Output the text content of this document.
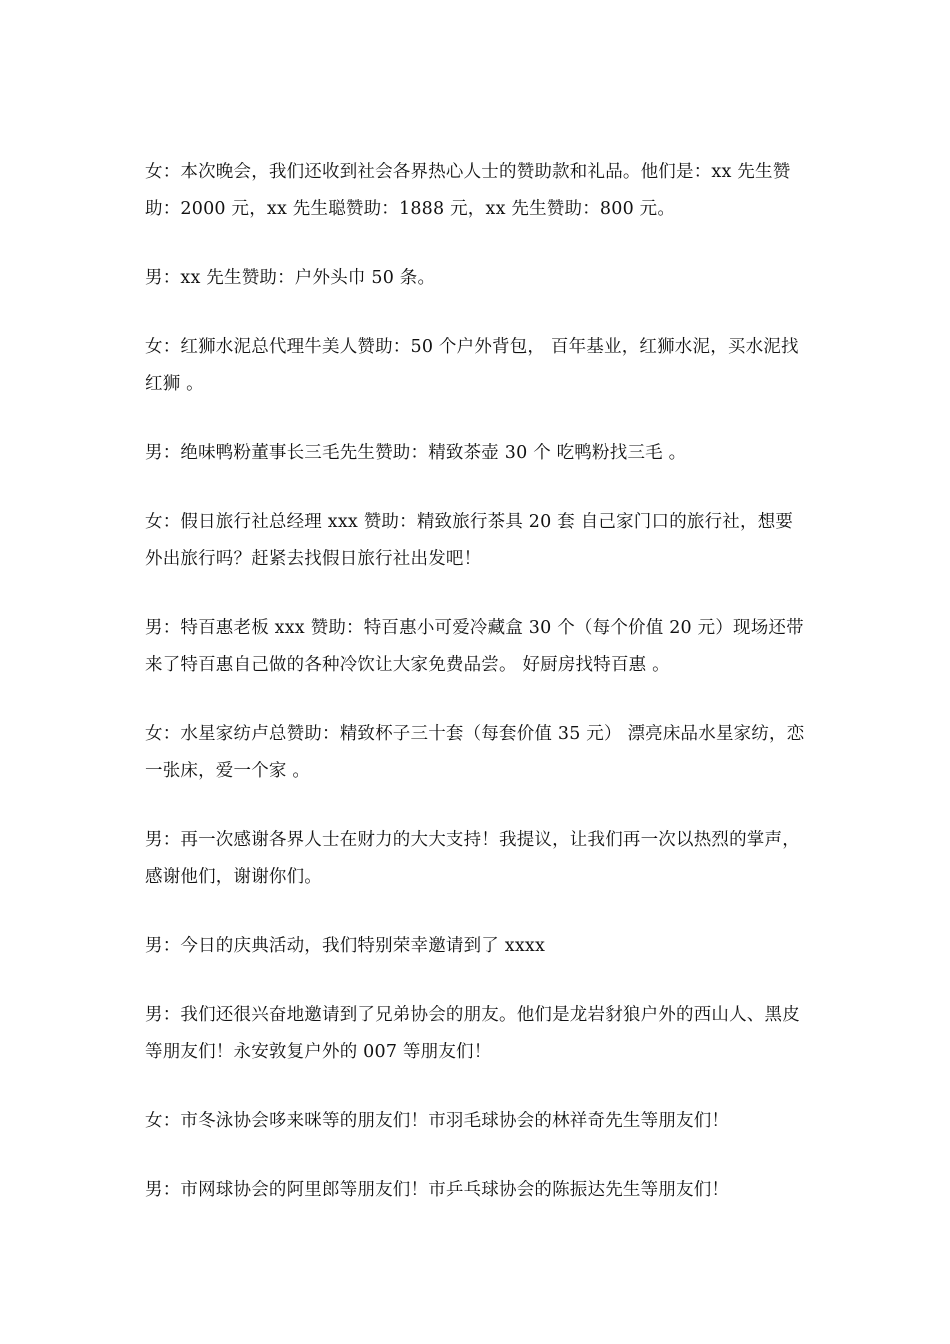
女：本次晚会，我们还收到社会各界热心人士的赞助款和礼品。他们是：xx 先生赞助：2000 元，xx 先生聪赞助：1888 元，xx 先生赞助：800 元。

男：xx 先生赞助：户外头巾 50 条。

女：红狮水泥总代理牛美人赞助：50 个户外背包， 百年基业，红狮水泥，买水泥找红狮 。

男：绝味鸭粉董事长三毛先生赞助：精致茶壶 30 个 吃鸭粉找三毛 。

女：假日旅行社总经理 xxx 赞助：精致旅行茶具 20 套 自己家门口的旅行社，想要外出旅行吗？赶紧去找假日旅行社出发吧！

男：特百惠老板 xxx 赞助：特百惠小可爱冷藏盒 30 个（每个价值 20 元）现场还带来了特百惠自己做的各种冷饮让大家免费品尝。 好厨房找特百惠 。

女：水星家纺卢总赞助：精致杯子三十套（每套价值 35 元） 漂亮床品水星家纺，恋一张床，爱一个家 。

男：再一次感谢各界人士在财力的大大支持！我提议，让我们再一次以热烈的掌声，感谢他们，谢谢你们。

男：今日的庆典活动，我们特别荣幸邀请到了 xxxx

男：我们还很兴奋地邀请到了兄弟协会的朋友。他们是龙岩豺狼户外的西山人、黑皮等朋友们！永安敦复户外的 007 等朋友们！

女：市冬泳协会哆来咪等的朋友们！市羽毛球协会的林祥奇先生等朋友们！

男：市网球协会的阿里郎等朋友们！市乒乓球协会的陈振达先生等朋友们！
